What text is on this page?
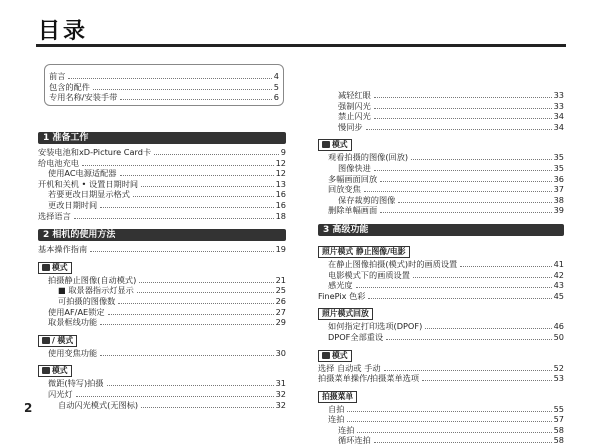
目录
前言	4
包含的配件	5
专用名称/安装手带	6
1 准备工作
安装电池和xD-Picture Card卡	9
给电池充电	12
使用AC电源适配器	12
开机和关机 • 设置日期时间	13
若要更改日期显示格式	16
更改日期时间	16
选择语言	18
2 相机的使用方法
基本操作指南	19
模式
拍摄静止图像(自动模式)	21
■ 取景器指示灯显示	25
可拍摄的图像数	26
使用AF/AE锁定	27
取景框线功能	29
/ 模式
使用变焦功能	30
模式
微距(特写)拍摄	31
闪光灯	32
自动闪光模式(无图标)	32
减轻红眼	33
强制闪光	33
禁止闪光	34
慢同步	34
模式
观看拍摄的图像(回放)	35
图像快进	35
多幅画面回放	36
回放变焦	37
保存裁剪的图像	38
删除单幅画面	39
3 高级功能
照片模式 静止图像/电影
在静止图像拍摄(模式)时的画质设置	41
电影模式下的画质设置	42
感光度	43
FinePix 色彩	45
照片模式回放
如何指定打印选项(DPOF)	46
DPOF全部重设	50
模式
选择 自动或 手动	52
拍摄菜单操作/拍摄菜单选项	53
拍摄菜单
自拍	55
连拍	57
连拍	58
循环连拍	58
2
